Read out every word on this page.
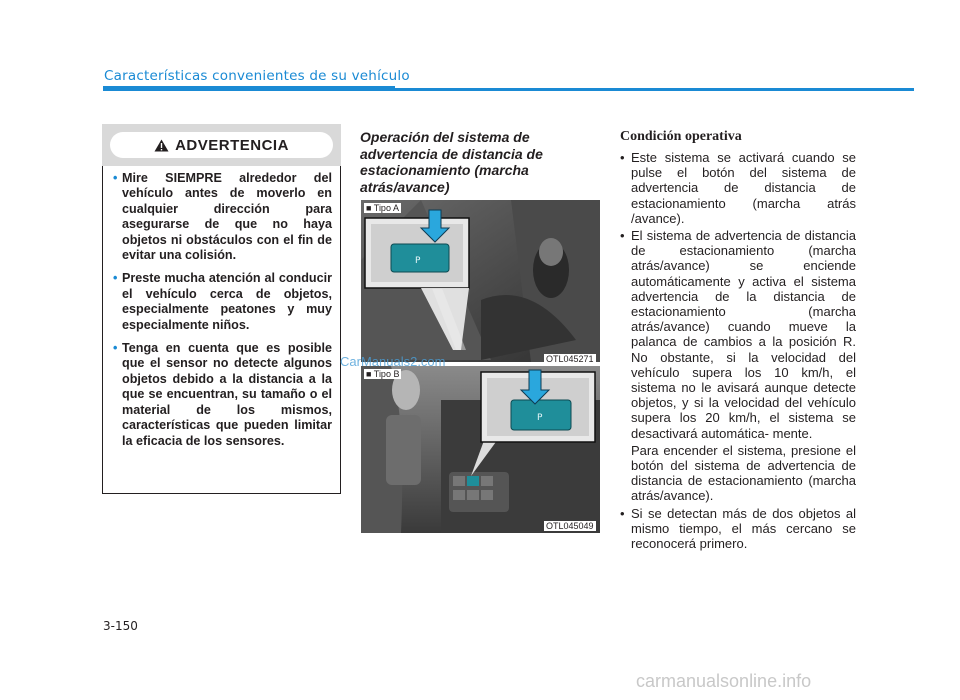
Características convenientes de su vehículo
ADVERTENCIA
• Mire SIEMPRE alrededor del vehículo antes de moverlo en cualquier dirección para asegurarse de que no haya objetos ni obstáculos con el fin de evitar una colisión.
• Preste mucha atención al conducir el vehículo cerca de objetos, especialmente peatones y muy especialmente niños.
• Tenga en cuenta que es posible que el sensor no detecte algunos objetos debido a la distancia a la que se encuentran, su tamaño o el material de los mismos, características que pueden limitar la eficacia de los sensores.
Operación del sistema de advertencia de distancia de estacionamiento (marcha atrás/avance)
P
P
■ Tipo A
OTL045271
■ Tipo B
OTL045049
CarManuals2.com
Condición operativa
• Este sistema se activará cuando se pulse el botón del sistema de advertencia de distancia de estacionamiento (marcha atrás /avance).
• El sistema de advertencia de distancia de estacionamiento (marcha atrás/avance) se enciende automáticamente y activa el sistema advertencia de la distancia de estacionamiento (marcha atrás/avance) cuando mueve la palanca de cambios a la posición R. No obstante, si la velocidad del vehículo supera los 10 km/h, el sistema no le avisará aunque detecte objetos, y si la velocidad del vehículo supera los 20 km/h, el sistema se desactivará automática- mente.

Para encender el sistema, presione el botón del sistema de advertencia de distancia de estacionamiento (marcha atrás/avance).

• Si se detectan más de dos objetos al mismo tiempo, el más cercano se reconocerá primero.
3-150
carmanualsonline.info
